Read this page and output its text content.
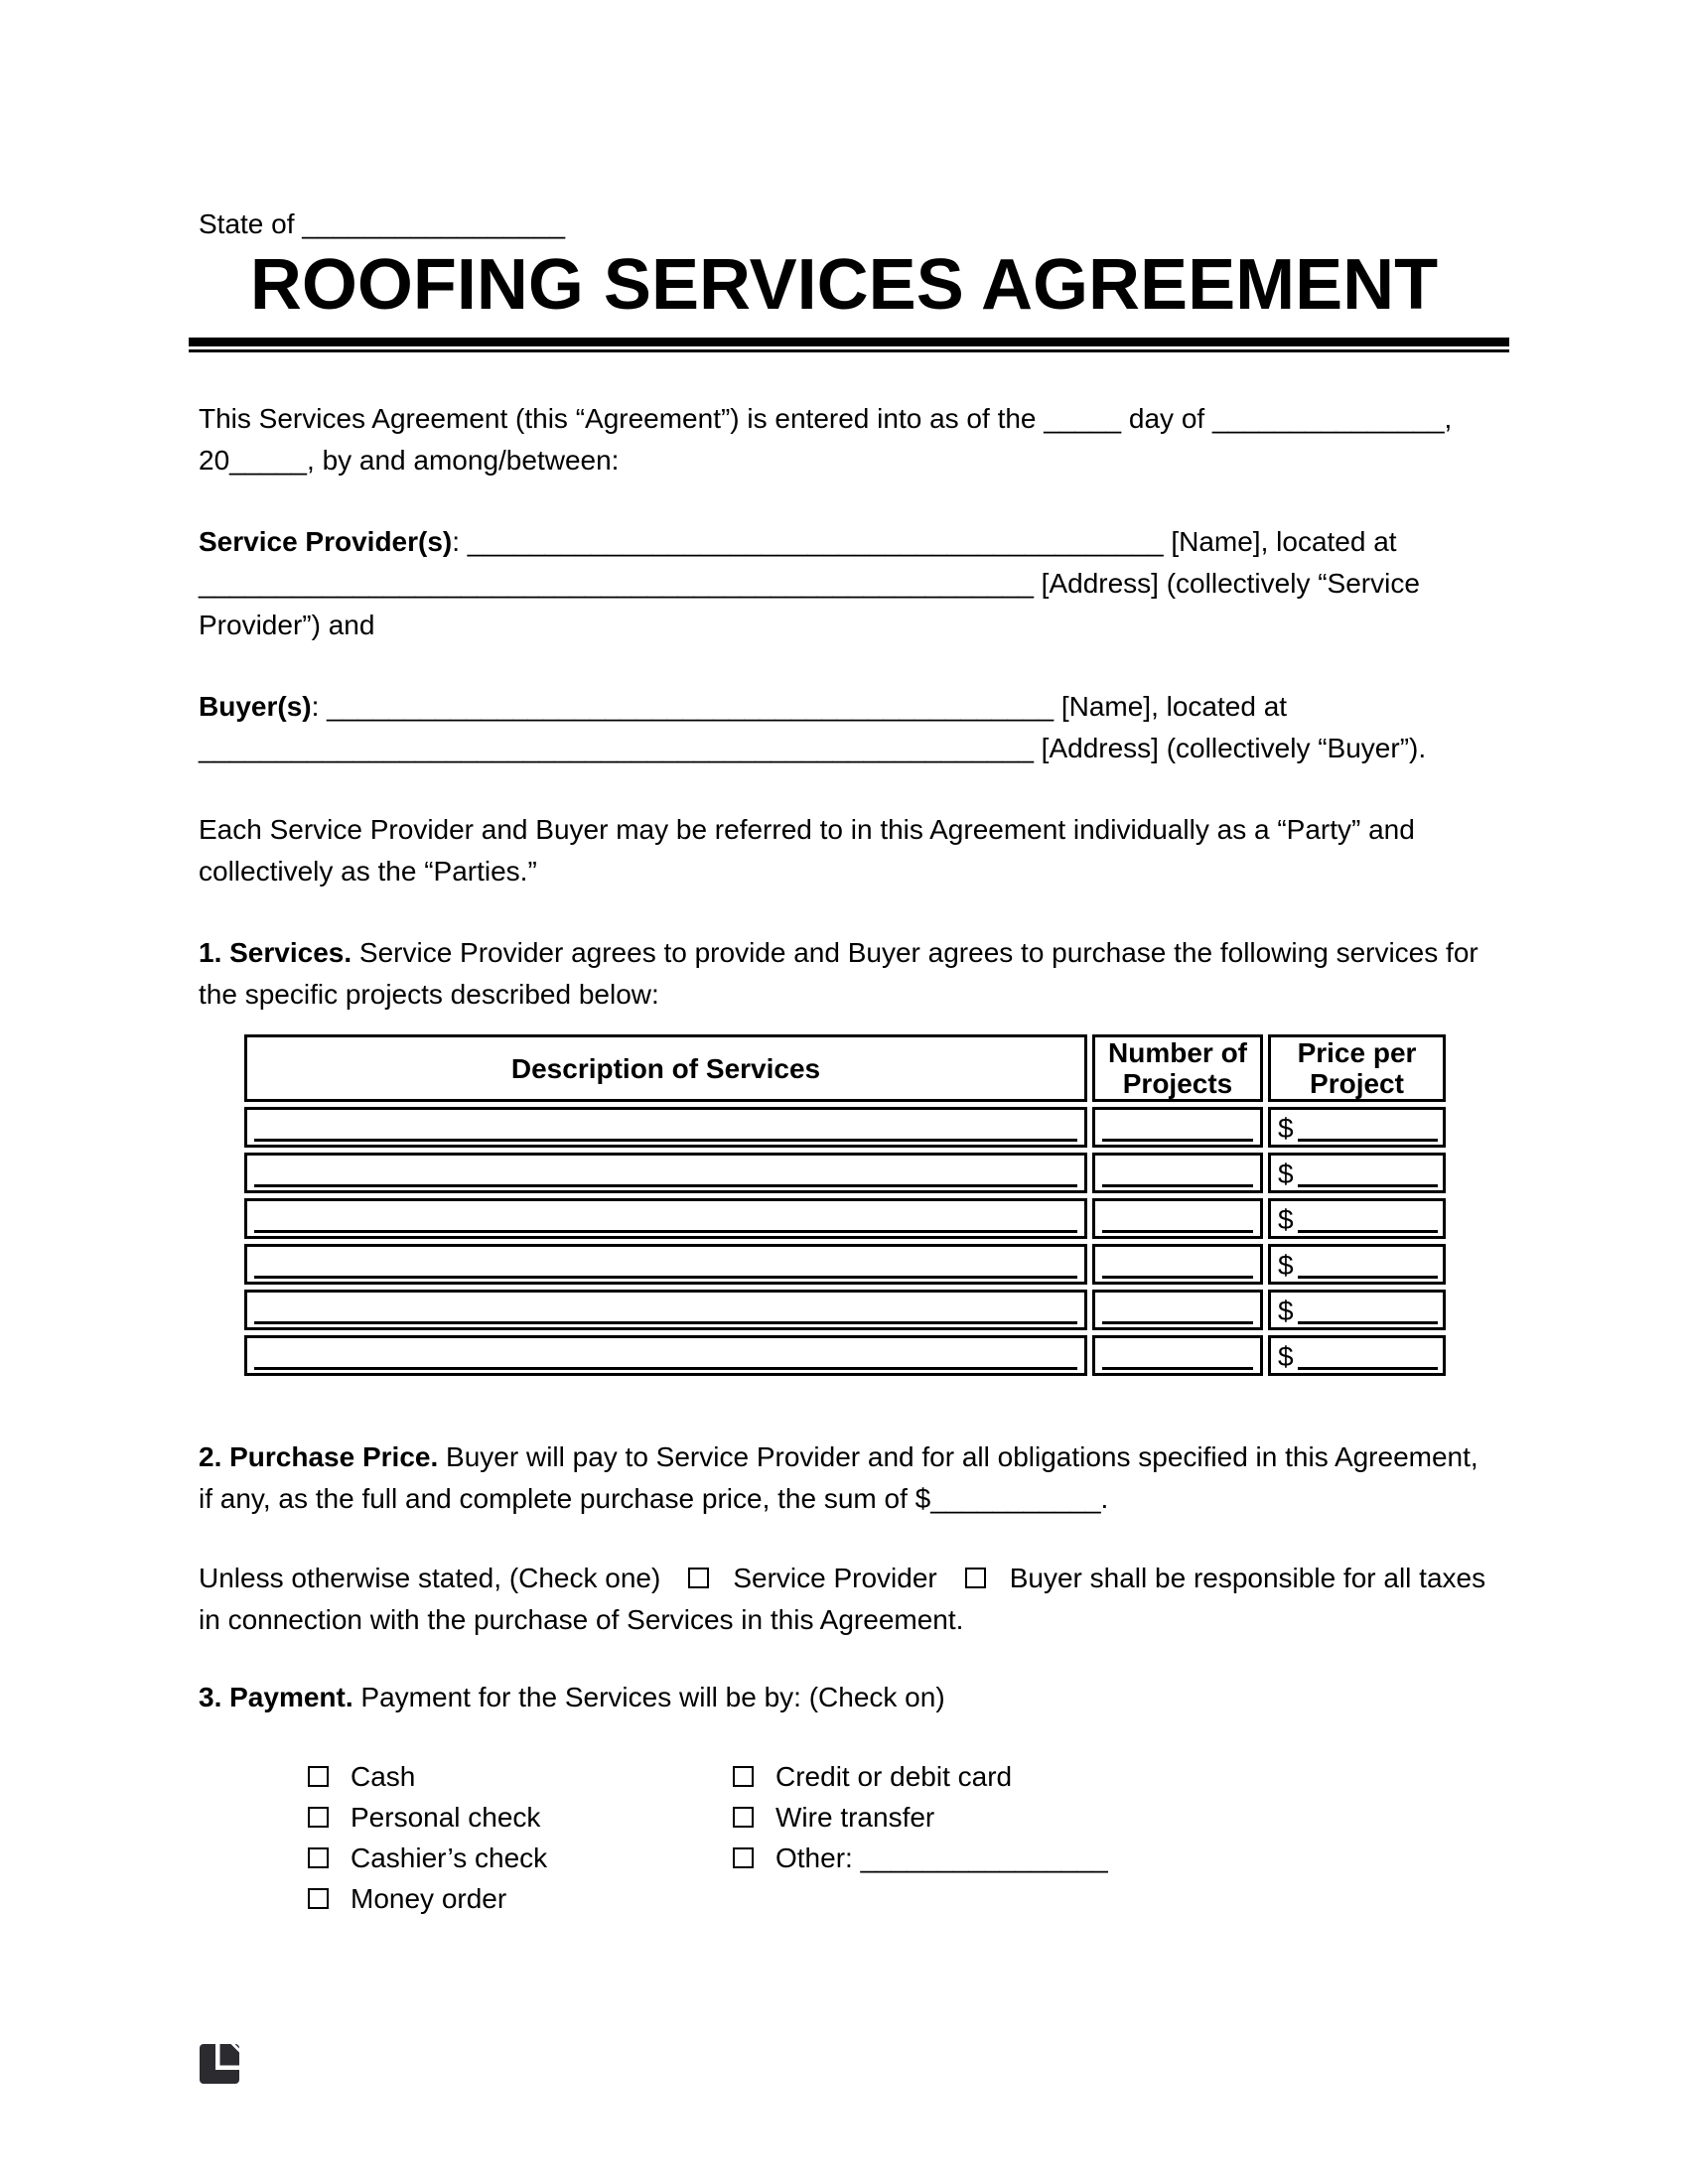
State of _________________
ROOFING SERVICES AGREEMENT

This Services Agreement (this “Agreement”) is entered into as of the _____ day of _______________,
20_____, by and among/between:

Service Provider(s): _____________________________________________ [Name], located at
______________________________________________________ [Address] (collectively “Service
Provider”) and

Buyer(s): _______________________________________________ [Name], located at
______________________________________________________ [Address] (collectively “Buyer”).

Each Service Provider and Buyer may be referred to in this Agreement individually as a “Party” and
collectively as the “Parties.”

1. Services. Service Provider agrees to provide and Buyer agrees to purchase the following services for
the specific projects described below:

Description of Services	Number of Projects	Price per Project

		$

		$

		$

		$

		$

		$

2. Purchase Price. Buyer will pay to Service Provider and for all obligations specified in this Agreement,
if any, as the full and complete purchase price, the sum of $___________.

Unless otherwise stated, (Check one)	Service Provider	Buyer shall be responsible for all taxes
in connection with the purchase of Services in this Agreement.

3. Payment. Payment for the Services will be by: (Check on)

Cash
Personal check
Cashier’s check
Money order
Credit or debit card
Wire transfer
Other: ________________
